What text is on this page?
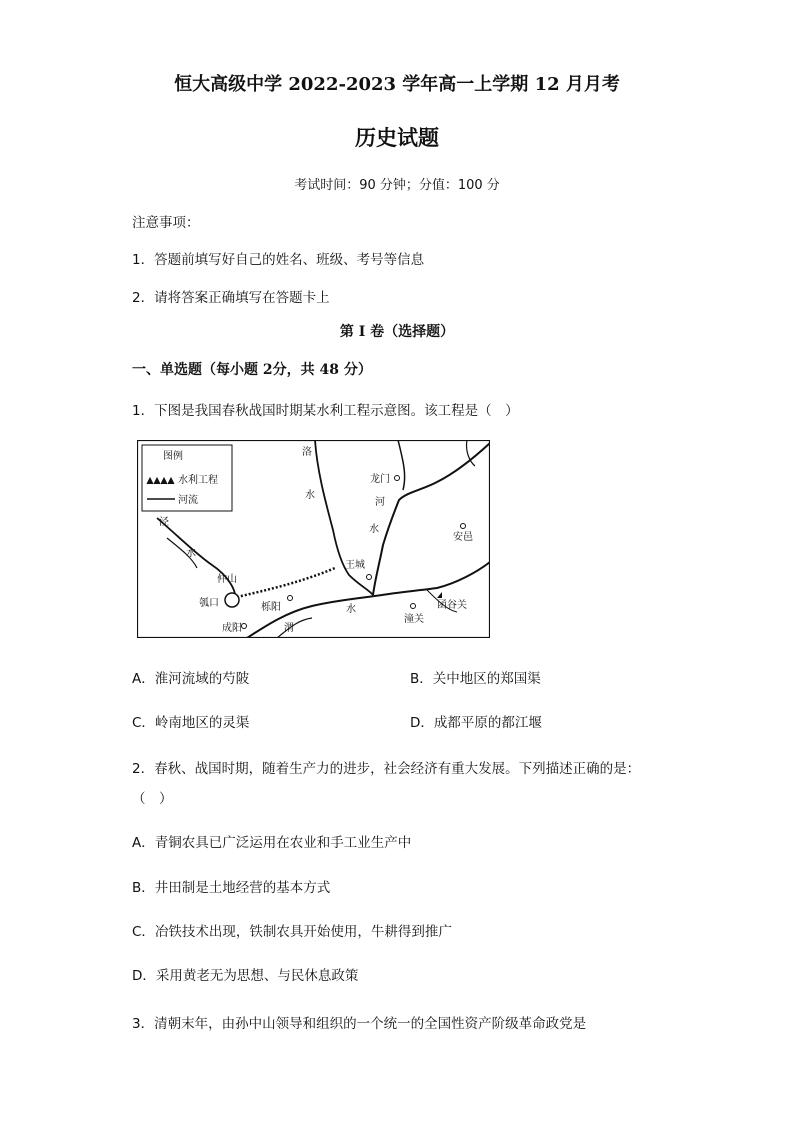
恒大高级中学 2022-2023 学年高一上学期 12 月月考
历史试题
考试时间：90 分钟；分值：100 分
注意事项：
1．答题前填写好自己的姓名、班级、考号等信息
2．请将答案正确填写在答题卡上
第 I 卷（选择题）
一、单选题（每小题 2分，共 48 分）
1．下图是我国春秋战国时期某水利工程示意图。该工程是（　）
图例
水利工程
河流
洛
水
龙门
河
水
安邑
泾
水
仲山
王城
函谷关
瓠口	栎阳	水
潼关
成阳	渭
A．淮河流域的芍陂	B．关中地区的郑国渠
C．岭南地区的灵渠	D．成都平原的都江堰
2．春秋、战国时期，随着生产力的进步，社会经济有重大发展。下列描述正确的是：
（　）
A．青铜农具已广泛运用在农业和手工业生产中
B．井田制是土地经营的基本方式
C．冶铁技术出现，铁制农具开始使用，牛耕得到推广
D．采用黄老无为思想、与民休息政策
3．清朝末年，由孙中山领导和组织的一个统一的全国性资产阶级革命政党是
